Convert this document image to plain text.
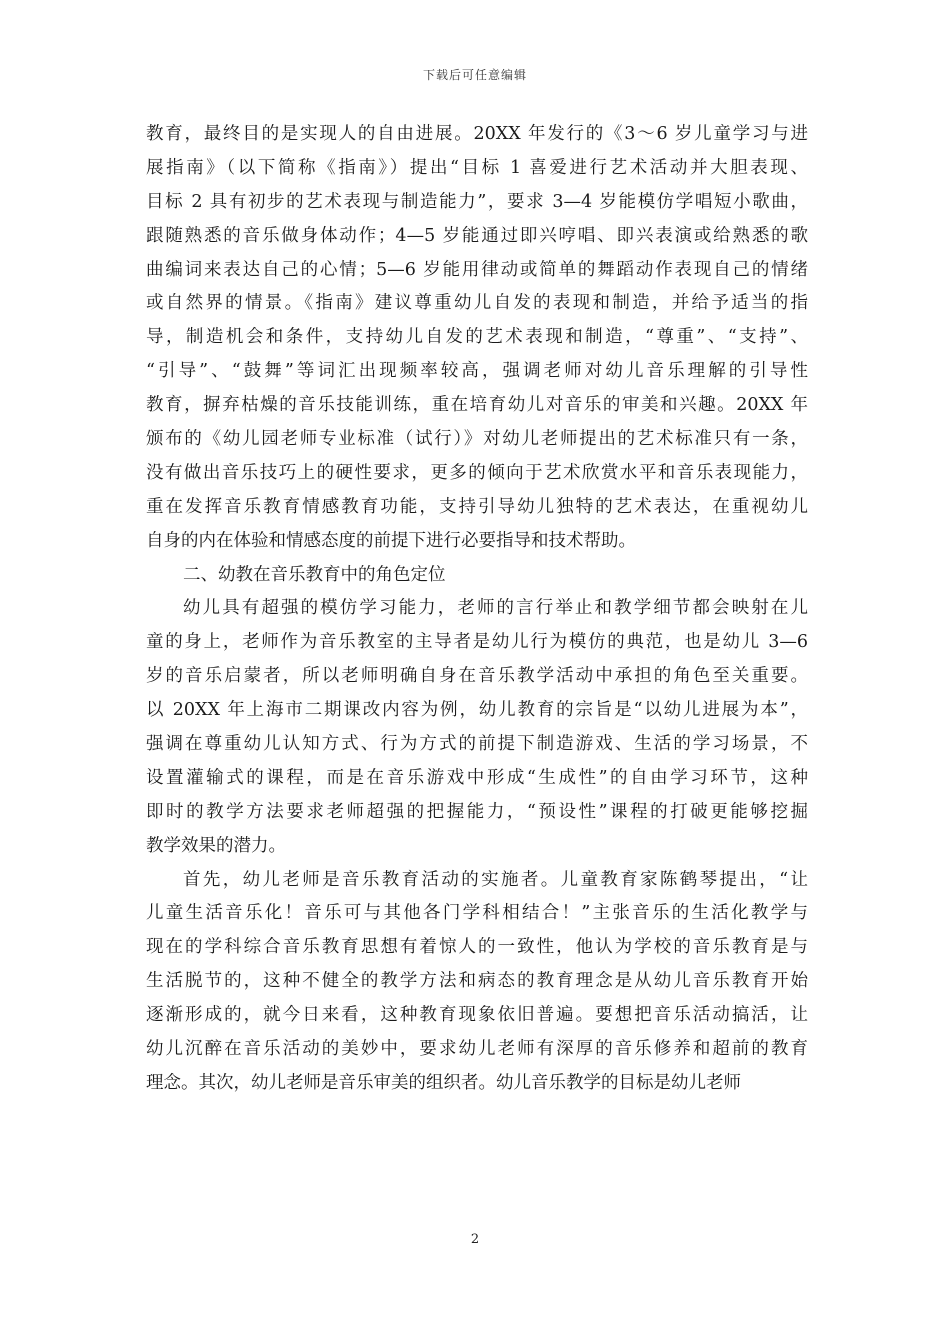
下载后可任意编辑
教育，最终目的是实现人的自由进展。20XX 年发行的《3～6 岁儿童学习与进
展指南》（以下简称《指南》）提出“目标 1 喜爱进行艺术活动并大胆表现、
目标 2 具有初步的艺术表现与制造能力”，要求 3—4 岁能模仿学唱短小歌曲，
跟随熟悉的音乐做身体动作；4—5 岁能通过即兴哼唱、即兴表演或给熟悉的歌
曲编词来表达自己的心情；5—6 岁能用律动或简单的舞蹈动作表现自己的情绪
或自然界的情景。《指南》建议尊重幼儿自发的表现和制造，并给予适当的指
导，制造机会和条件，支持幼儿自发的艺术表现和制造，“尊重”、“支持”、
“引导”、“鼓舞”等词汇出现频率较高，强调老师对幼儿音乐理解的引导性
教育，摒弃枯燥的音乐技能训练，重在培育幼儿对音乐的审美和兴趣。20XX 年
颁布的《幼儿园老师专业标准（试行）》对幼儿老师提出的艺术标准只有一条，
没有做出音乐技巧上的硬性要求，更多的倾向于艺术欣赏水平和音乐表现能力，
重在发挥音乐教育情感教育功能，支持引导幼儿独特的艺术表达，在重视幼儿
自身的内在体验和情感态度的前提下进行必要指导和技术帮助。
二、幼教在音乐教育中的角色定位
幼儿具有超强的模仿学习能力，老师的言行举止和教学细节都会映射在儿
童的身上，老师作为音乐教室的主导者是幼儿行为模仿的典范，也是幼儿 3—6
岁的音乐启蒙者，所以老师明确自身在音乐教学活动中承担的角色至关重要。
以 20XX 年上海市二期课改内容为例，幼儿教育的宗旨是“以幼儿进展为本”，
强调在尊重幼儿认知方式、行为方式的前提下制造游戏、生活的学习场景，不
设置灌输式的课程，而是在音乐游戏中形成“生成性”的自由学习环节，这种
即时的教学方法要求老师超强的把握能力，“预设性”课程的打破更能够挖掘
教学效果的潜力。
首先，幼儿老师是音乐教育活动的实施者。儿童教育家陈鹤琴提出，“让
儿童生活音乐化！音乐可与其他各门学科相结合！”主张音乐的生活化教学与
现在的学科综合音乐教育思想有着惊人的一致性，他认为学校的音乐教育是与
生活脱节的，这种不健全的教学方法和病态的教育理念是从幼儿音乐教育开始
逐渐形成的，就今日来看，这种教育现象依旧普遍。要想把音乐活动搞活，让
幼儿沉醉在音乐活动的美妙中，要求幼儿老师有深厚的音乐修养和超前的教育
理念。其次，幼儿老师是音乐审美的组织者。幼儿音乐教学的目标是幼儿老师
2
